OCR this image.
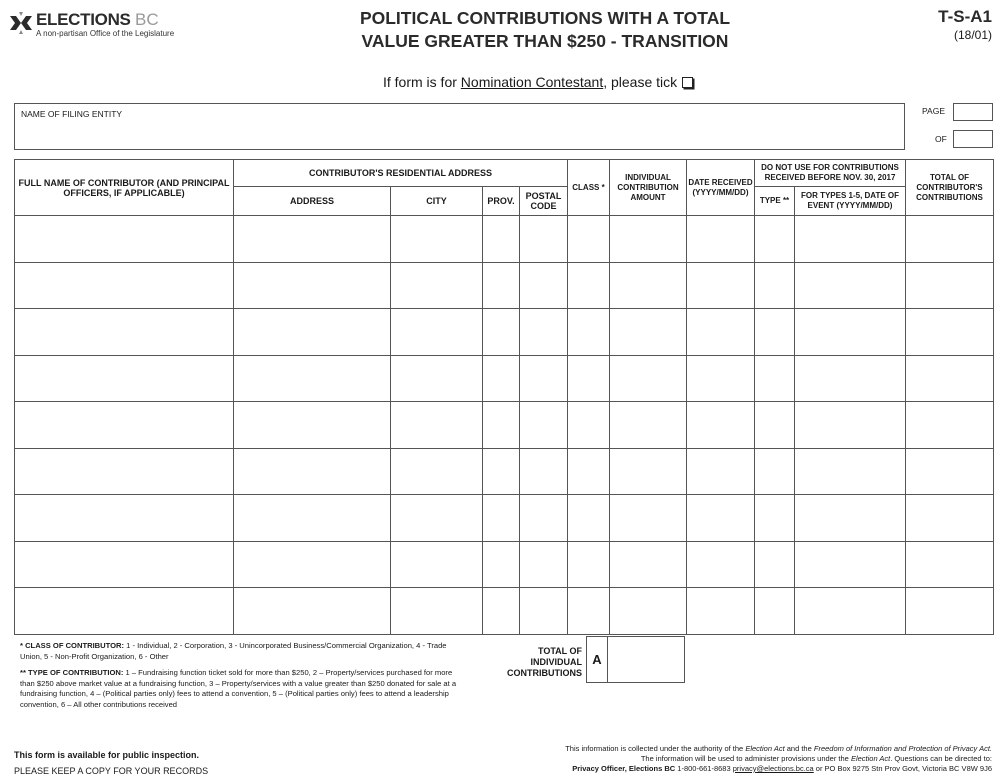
ELECTIONS BC
A non-partisan Office of the Legislature
POLITICAL CONTRIBUTIONS WITH A TOTAL
VALUE GREATER THAN $250 - TRANSITION
T-S-A1
(18/01)
If form is for Nomination Contestant, please tick
NAME OF FILING ENTITY	PAGE
OF
FULL NAME OF CONTRIBUTOR (AND PRINCIPAL OFFICERS, IF APPLICABLE)	CONTRIBUTOR'S RESIDENTIAL ADDRESS				CLASS *	INDIVIDUAL CONTRIBUTION AMOUNT	DATE RECEIVED (YYYY/MM/DD)	DO NOT USE FOR CONTRIBUTIONS RECEIVED BEFORE NOV. 30, 2017		TOTAL OF CONTRIBUTOR'S CONTRIBUTIONS
	ADDRESS	CITY	PROV.	POSTAL CODE				TYPE **	FOR TYPES 1-5, DATE OF EVENT (YYYY/MM/DD)	

* CLASS OF CONTRIBUTOR: 1 - Individual, 2 - Corporation, 3 - Unincorporated Business/Commercial Organization, 4 - Trade Union, 5 - Non-Profit Organization, 6 - Other

** TYPE OF CONTRIBUTION: 1 – Fundraising function ticket sold for more than $250, 2 – Property/services purchased for more than $250 above market value at a fundraising function, 3 – Property/services with a value greater than $250 donated for sale at a fundraising function, 4 – (Political parties only) fees to attend a convention, 5 – (Political parties only) fees to attend a leadership convention, 6 – All other contributions received

TOTAL OF INDIVIDUAL CONTRIBUTIONS
A
This form is available for public inspection.
PLEASE KEEP A COPY FOR YOUR RECORDS
This information is collected under the authority of the Election Act and the Freedom of Information and Protection of Privacy Act.
The information will be used to administer provisions under the Election Act. Questions can be directed to:
Privacy Officer, Elections BC 1-800-661-8683 privacy@elections.bc.ca or PO Box 9275 Stn Prov Govt, Victoria BC V8W 9J6
